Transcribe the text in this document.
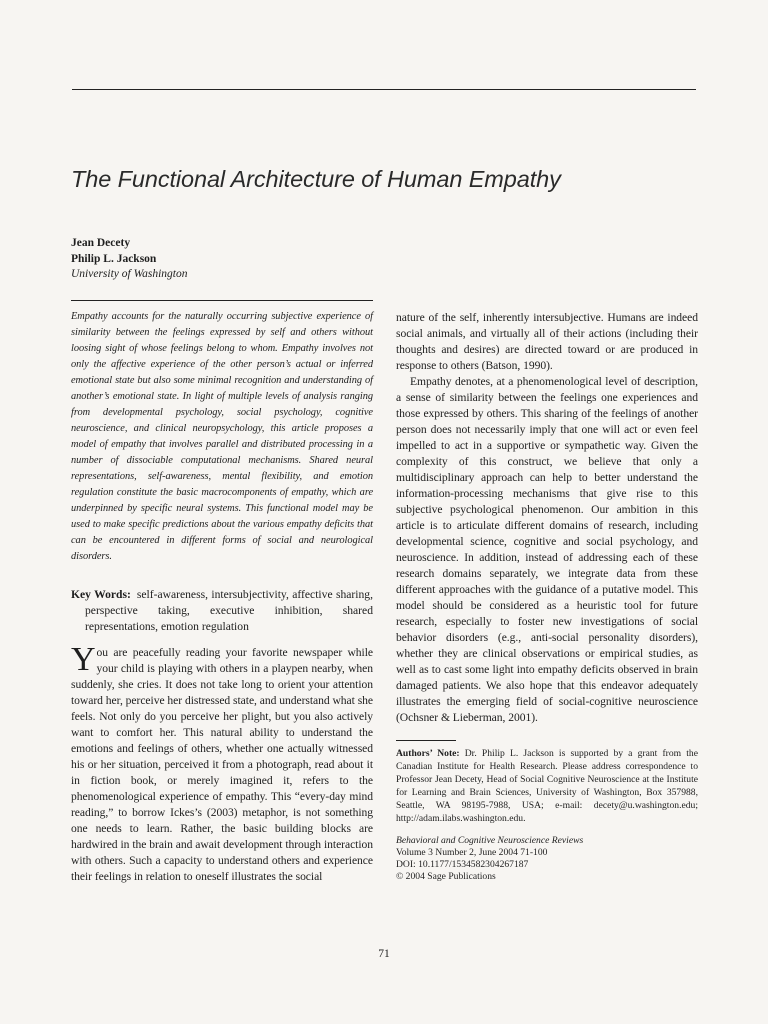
The Functional Architecture of Human Empathy
Jean Decety
Philip L. Jackson
University of Washington

Empathy accounts for the naturally occurring subjective experience of similarity between the feelings expressed by self and others without loosing sight of whose feelings belong to whom. Empathy involves not only the affective experience of the other person’s actual or inferred emotional state but also some minimal recognition and understanding of another’s emotional state. In light of multiple levels of analysis ranging from developmental psychology, social psychology, cognitive neuroscience, and clinical neuropsychology, this article proposes a model of empathy that involves parallel and distributed processing in a number of dissociable computational mechanisms. Shared neural representations, self-awareness, mental flexibility, and emotion regulation constitute the basic macrocomponents of empathy, which are underpinned by specific neural systems. This functional model may be used to make specific predictions about the various empathy deficits that can be encountered in different forms of social and neurological disorders.

Key Words: self-awareness, intersubjectivity, affective sharing, perspective taking, executive inhibition, shared representations, emotion regulation

You are peacefully reading your favorite newspaper while your child is playing with others in a playpen nearby, when suddenly, she cries. It does not take long to orient your attention toward her, perceive her distressed state, and understand what she feels. Not only do you perceive her plight, but you also actively want to comfort her. This natural ability to understand the emotions and feelings of others, whether one actually witnessed his or her situation, perceived it from a photograph, read about it in fiction book, or merely imagined it, refers to the phenomenological experience of empathy. This “every-day mind reading,” to borrow Ickes’s (2003) metaphor, is not something one needs to learn. Rather, the basic building blocks are hardwired in the brain and await development through interaction with others. Such a capacity to understand others and experience their feelings in relation to oneself illustrates the social

nature of the self, inherently intersubjective. Humans are indeed social animals, and virtually all of their actions (including their thoughts and desires) are directed toward or are produced in response to others (Batson, 1990).

Empathy denotes, at a phenomenological level of description, a sense of similarity between the feelings one experiences and those expressed by others. This sharing of the feelings of another person does not necessarily imply that one will act or even feel impelled to act in a supportive or sympathetic way. Given the complexity of this construct, we believe that only a multidisciplinary approach can help to better understand the information-processing mechanisms that give rise to this subjective psychological phenomenon. Our ambition in this article is to articulate different domains of research, including developmental science, cognitive and social psychology, and neuroscience. In addition, instead of addressing each of these research domains separately, we integrate data from these different approaches with the guidance of a putative model. This model should be considered as a heuristic tool for future research, especially to foster new investigations of social behavior disorders (e.g., anti-social personality disorders), whether they are clinical observations or empirical studies, as well as to cast some light into empathy deficits observed in brain damaged patients. We also hope that this endeavor adequately illustrates the emerging field of social-cognitive neuroscience (Ochsner & Lieberman, 2001).

Authors’ Note: Dr. Philip L. Jackson is supported by a grant from the Canadian Institute for Health Research. Please address correspondence to Professor Jean Decety, Head of Social Cognitive Neuroscience at the Institute for Learning and Brain Sciences, University of Washington, Box 357988, Seattle, WA 98195-7988, USA; e-mail: decety@u.washington.edu; http://adam.ilabs.washington.edu.
Behavioral and Cognitive Neuroscience Reviews
Volume 3 Number 2, June 2004 71-100
DOI: 10.1177/1534582304267187
© 2004 Sage Publications
71
